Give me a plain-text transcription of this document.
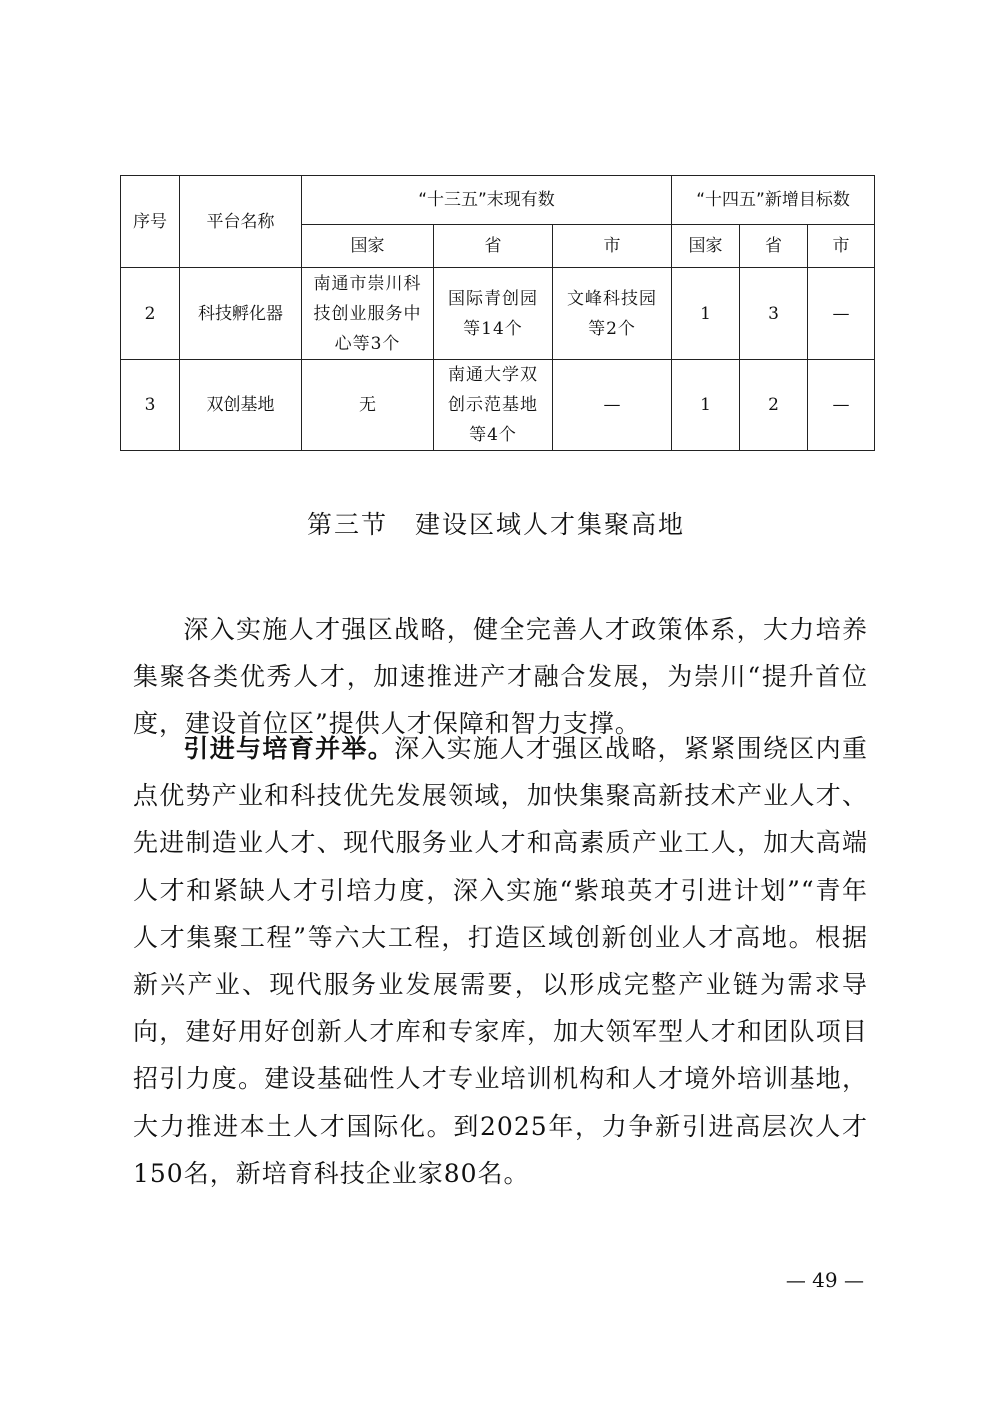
序号	平台名称	“十三五”末现有数			“十四五”新增目标数		
		国家	省	市	国家	省	市
2	科技孵化器	南通市崇川科技创业服务中心等3个	国际青创园等14个	文峰科技园等2个	1	3	—
3	双创基地	无	南通大学双创示范基地等4个	—	1	2	—
第三节　建设区域人才集聚高地

深入实施人才强区战略，健全完善人才政策体系，大力培养集聚各类优秀人才，加速推进产才融合发展，为崇川“提升首位度，建设首位区”提供人才保障和智力支撑。

引进与培育并举。深入实施人才强区战略，紧紧围绕区内重点优势产业和科技优先发展领域，加快集聚高新技术产业人才、先进制造业人才、现代服务业人才和高素质产业工人，加大高端人才和紧缺人才引培力度，深入实施“紫琅英才引进计划”“青年人才集聚工程”等六大工程，打造区域创新创业人才高地。根据新兴产业、现代服务业发展需要，以形成完整产业链为需求导向，建好用好创新人才库和专家库，加大领军型人才和团队项目招引力度。建设基础性人才专业培训机构和人才境外培训基地，大力推进本土人才国际化。到2025年，力争新引进高层次人才150名，新培育科技企业家80名。

— 49 —
